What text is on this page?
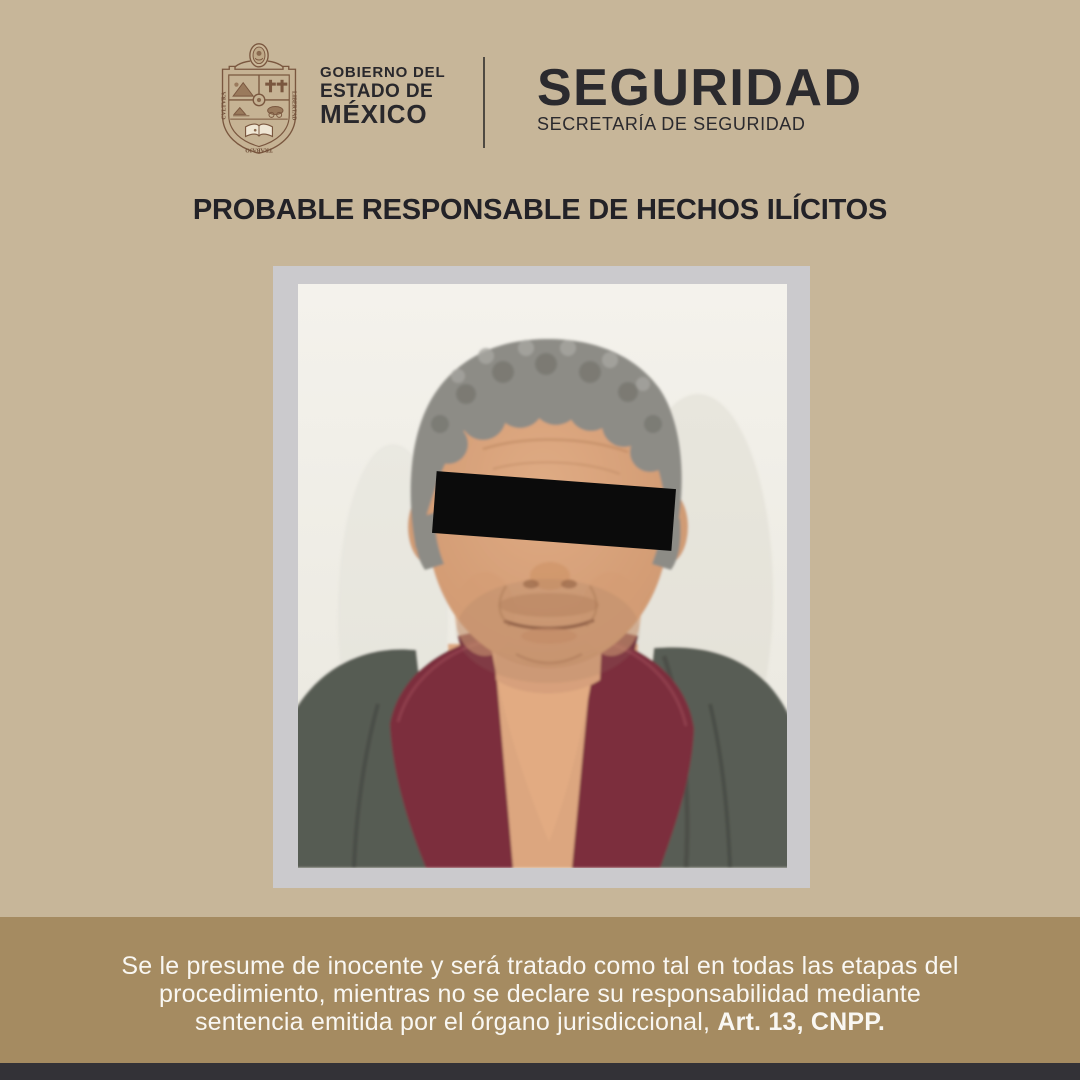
CVLTVRA	LIBERTAD
TRABAJO
GOBIERNO DEL
ESTADO DE
MÉXICO	SEGURIDAD
SECRETARÍA DE SEGURIDAD
PROBABLE RESPONSABLE DE HECHOS ILÍCITOS
Se le presume de inocente y será tratado como tal en todas las etapas del
procedimiento, mientras no se declare su responsabilidad mediante
sentencia emitida por el órgano jurisdiccional, Art. 13, CNPP.
